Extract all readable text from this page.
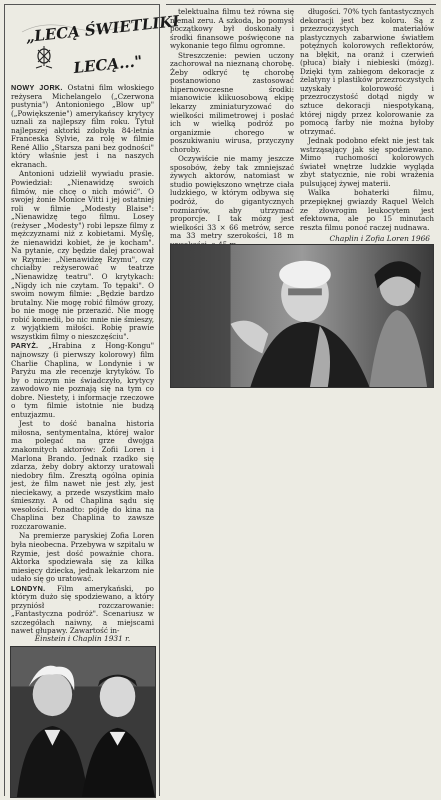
„LECĄ ŚWIETLIKI
LECĄ..."

NOWY JORK. Ostatni film włoskiego reżysera Michelangelo („Czerwona pustynia") Antonioniego „Blow up" („Powiększenie") amerykańscy krytycy uznali za najlepszy film roku. Tytuł najlepszej aktorki zdobyła 84-letnia Franceska Sylvie, za rolę w filmie René Allio „Starsza pani bez godności" który właśnie jest i na naszych ekranach.

Antonioni udzielił wywiadu prasie. Powiedział: „Nienawidzę swoich filmów, nie chcę o nich mówić". O swojej żonie Monice Vitti i jej ostatniej roli w filmie „Modesty Blaise": „Nienawidzę tego filmu. Losey (reżyser „Modesty") robi lepsze filmy z mężczyznami niż z kobietami. Myślę, że nienawidzi kobiet, że je kocham". Na pytanie, czy będzie dalej pracował w Rzymie: „Nienawidzę Rzymu", czy chciałby reżyserować w teatrze „Nienawidzę teatru". O krytykach: „Nigdy ich nie czytam. To tępaki". O swoim nowym filmie: „Będzie bardzo brutalny. Nie mogę robić filmów grozy, bo nie mogę nie przerazić. Nie mogę robić komedii, bo nic mnie nie śmieszy, z wyjątkiem miłości. Robię prawie wszystkim filmy o nieszczęściu".

PARYŻ. „Hrabina z Hong-Kongu" najnowszy (i pierwszy kolorowy) film Charlie Chaplina, w Londynie i w Paryżu ma złe recenzje krytyków. To by o niczym nie świadczyło, krytycy zawodowo nie poznają się na tym co dobre. Niestety, i informacje rzeczowe o tym filmie istotnie nie budzą entuzjazmu.

Jest to dość banalna historia miłosna, sentymentalna, której walor ma polegać na grze dwojga znakomitych aktorów: Zofii Loren i Marlona Brando. Jednak rzadko się zdarza, żeby dobry aktorzy uratowali niedobry film. Zresztą ogólna opinia jest, że film nawet nie jest zły, jest nieciekawy, a przede wszystkim mało śmieszny. A od Chaplina sądu się wesołości. Ponadto: pójdę do kina na Chaplina bez Chaplina to zawsze rozczarowanie.

Na premierze paryskiej Zofia Loren była nieobecna. Przebywa w szpitalu w Rzymie, jest dość poważnie chora. Aktorka spodziewała się za kilka miesięcy dziecka, jednak lekarzom nie udało się go uratować.

LONDYN. Film amerykański, po którym dużo się spodziewano, a który przyniósł rozczarowanie: „Fantastyczna podróż". Scenariusz w szczegółach naiwny, a miejscami nawet głupawy. Zawartość in-

telektualna filmu też równa się niemal zeru. A szkoda, bo pomysł początkowy był doskonały i środki finansowe poświęcone na wykonanie tego filmu ogromne.

Streszczenie: pewien uczony zachorował na nieznaną chorobę. Żeby odkryć tę chorobę postanowiono zastosować hipernowoczesne środki: mianowicie klikuosobową ekipę lekarzy zminiaturyzować do wielkości milimetrowej i posłać ich w wielką podróż po organizmie chorego w poszukiwaniu wirusa, przyczyny choroby.

Oczywiście nie mamy jeszcze sposobów, żeby tak zmniejszać żywych aktorów, natomiast w studio powiększono wnętrze ciała ludzkiego, w którym odbywa się podróż, do gigantycznych rozmiarów, aby utrzymać proporcje. I tak mózg jest wielkości 33 × 66 metrów, serce ma 33 metry szerokości, 18 m

długości. 70% tych fantastycznych dekoracji jest bez koloru. Są z przezroczystych materiałów plastycznych zabarwione światłem potężnych kolorowych reflektorów, na błękit, na oranż i czerwień (płuca) biały i niebieski (mózg). Dzięki tym zabiegom dekoracje z żelatyny i plastików przezroczystych uzyskały kolorowość i przezroczystość dotąd nigdy w sztuce dekoracji niespotykaną, której nigdy przez kolorowanie za pomocą farby nie można byłoby otrzymać.

Jednak podobno efekt nie jest tak wstrząsający jak się spodziewano. Mimo ruchomości kolorowych świateł wnętrze ludzkie wygląda zbyt statycznie, nie robi wrażenia pulsującej żywej materii.

Walka bohaterki filmu, przepięknej gwiazdy Raquel Welch ze złowrogim leukocytem jest efektowna, ale po 15 minutach reszta filmu ponoć raczej nudnawa.

Chaplin i Zofia Loren 1966
Einstein i Chaplin 1931 r.
